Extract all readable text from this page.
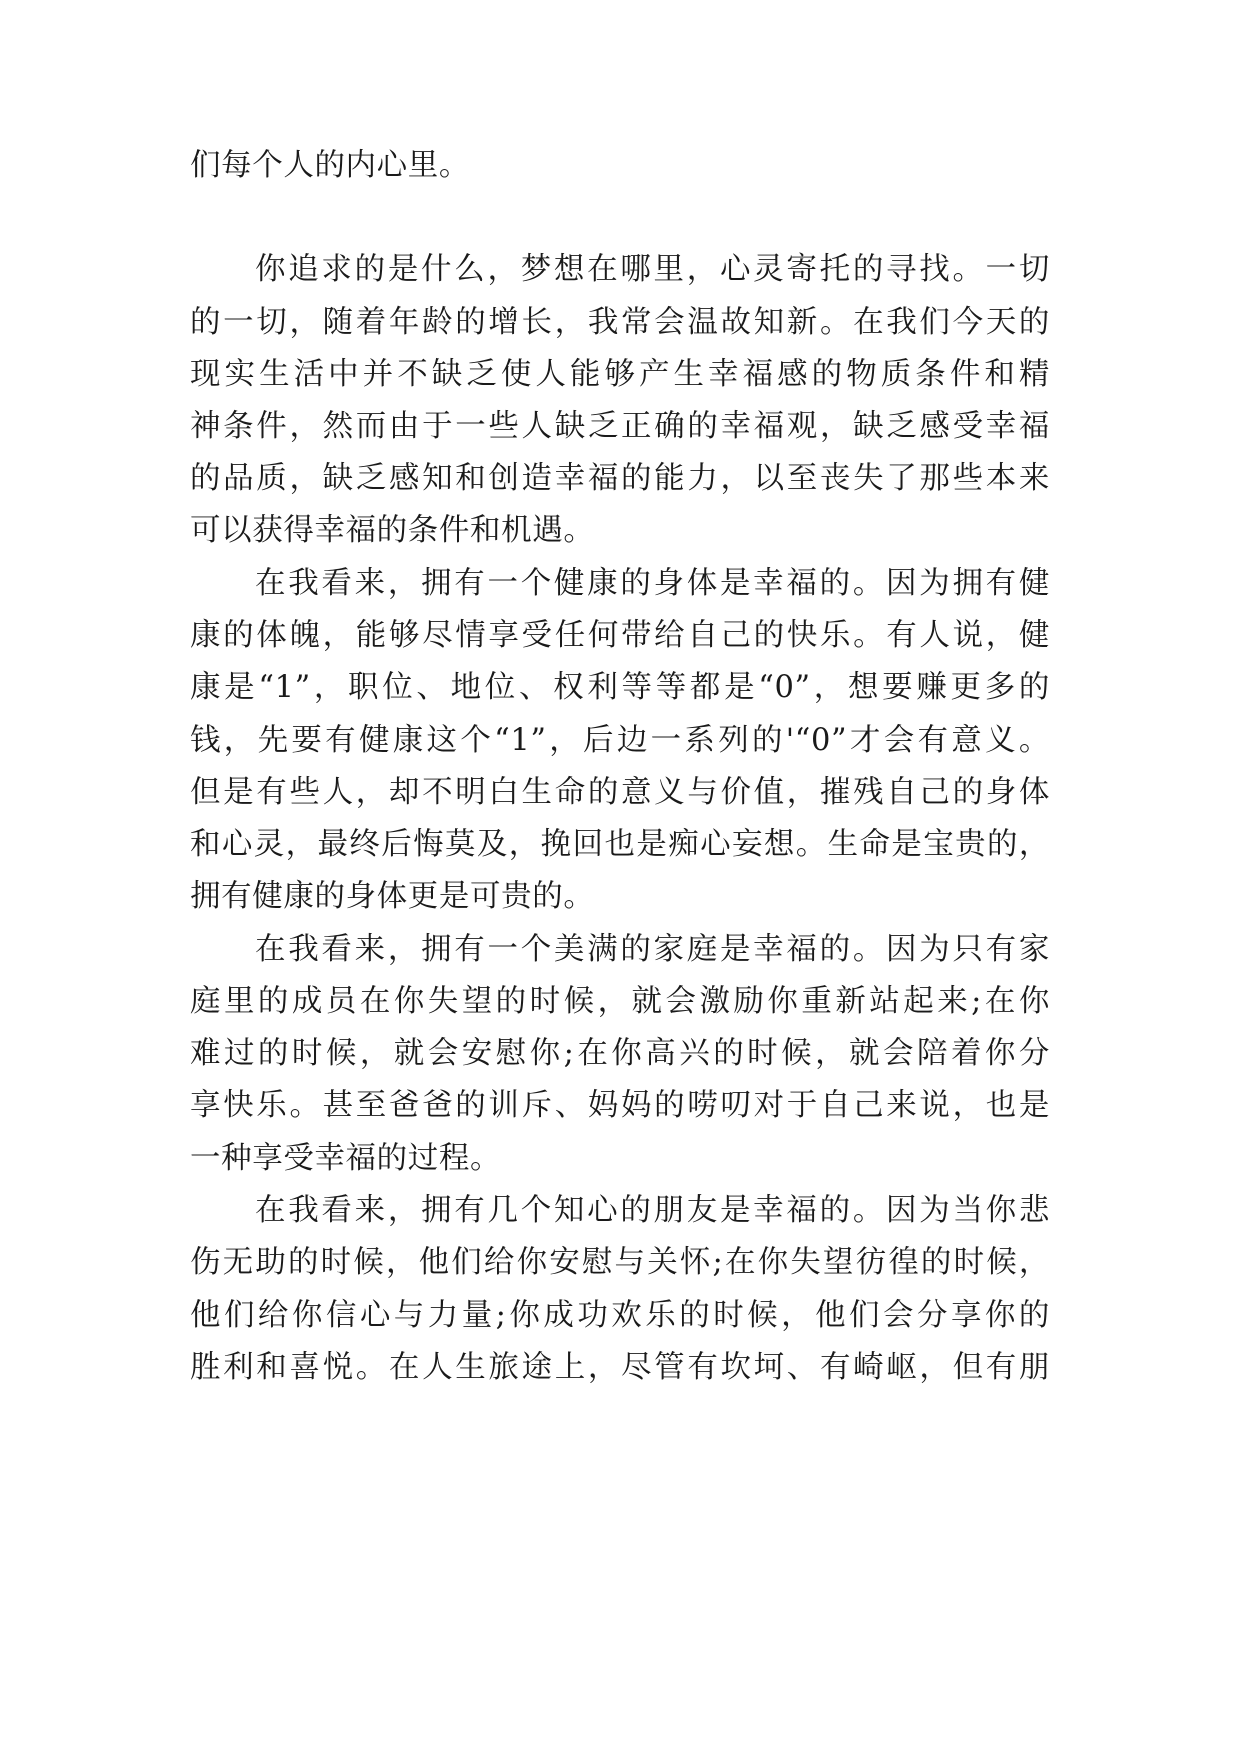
们每个人的内心里。
你追求的是什么，梦想在哪里，心灵寄托的寻找。一切
的一切，随着年龄的增长，我常会温故知新。在我们今天的
现实生活中并不缺乏使人能够产生幸福感的物质条件和精
神条件，然而由于一些人缺乏正确的幸福观，缺乏感受幸福
的品质，缺乏感知和创造幸福的能力，以至丧失了那些本来
可以获得幸福的条件和机遇。
在我看来，拥有一个健康的身体是幸福的。因为拥有健
康的体魄，能够尽情享受任何带给自己的快乐。有人说，健
康是“1”，职位、地位、权利等等都是“0”，想要赚更多的
钱，先要有健康这个“1”，后边一系列的'“0”才会有意义。
但是有些人，却不明白生命的意义与价值，摧残自己的身体
和心灵，最终后悔莫及，挽回也是痴心妄想。生命是宝贵的，
拥有健康的身体更是可贵的。
在我看来，拥有一个美满的家庭是幸福的。因为只有家
庭里的成员在你失望的时候，就会激励你重新站起来;在你
难过的时候，就会安慰你;在你高兴的时候，就会陪着你分
享快乐。甚至爸爸的训斥、妈妈的唠叨对于自己来说，也是
一种享受幸福的过程。
在我看来，拥有几个知心的朋友是幸福的。因为当你悲
伤无助的时候，他们给你安慰与关怀;在你失望彷徨的时候，
他们给你信心与力量;你成功欢乐的时候，他们会分享你的
胜利和喜悦。在人生旅途上，尽管有坎坷、有崎岖，但有朋
